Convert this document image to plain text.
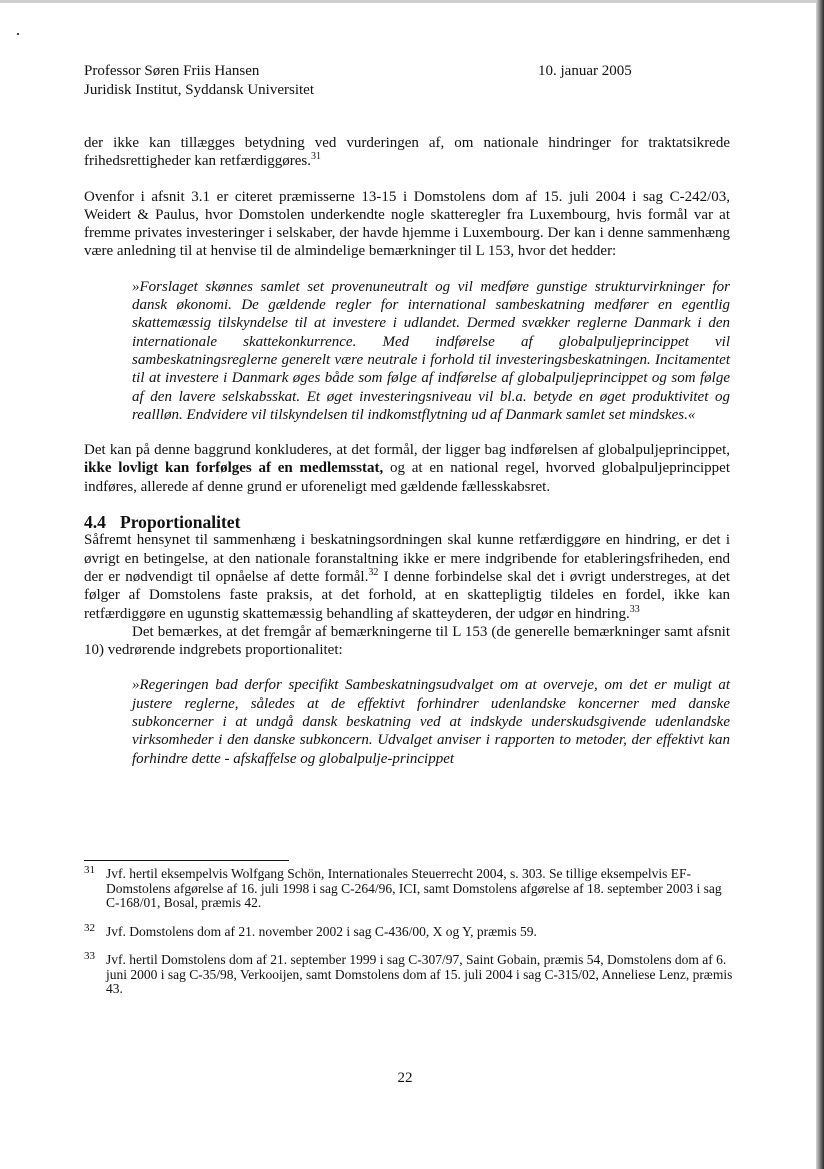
Professor Søren Friis Hansen
Juridisk Institut, Syddansk Universitet
10. januar 2005

der ikke kan tillægges betydning ved vurderingen af, om nationale hindringer for traktatsikrede frihedsrettigheder kan retfærdiggøres.$^{31}$

Ovenfor i afsnit 3.1 er citeret præmisserne 13-15 i Domstolens dom af 15. juli 2004 i sag C-242/03, Weidert & Paulus, hvor Domstolen underkendte nogle skatteregler fra Luxembourg, hvis formål var at fremme privates investeringer i selskaber, der havde hjemme i Luxembourg. Der kan i denne sammenhæng være anledning til at henvise til de almindelige bemærkninger til L 153, hvor det hedder:

»Forslaget skønnes samlet set provenuneutralt og vil medføre gunstige strukturvirkninger for dansk økonomi. De gældende regler for international sambeskatning medfører en egentlig skattemæssig tilskyndelse til at investere i udlandet. Dermed svækker reglerne Danmark i den internationale skattekonkurrence. Med indførelse af globalpuljeprincippet vil sambeskatningsreglerne generelt være neutrale i forhold til investeringsbeskatningen. Incitamentet til at investere i Danmark øges både som følge af indførelse af globalpuljeprincippet og som følge af den lavere selskabsskat. Et øget investeringsniveau vil bl.a. betyde en øget produktivitet og reallløn. Endvidere vil tilskyndelsen til indkomstflytning ud af Danmark samlet set mindskes.«

Det kan på denne baggrund konkluderes, at det formål, der ligger bag indførelsen af globalpuljeprincippet, ikke lovligt kan forfølges af en medlemsstat, og at en national regel, hvorved globalpuljeprincippet indføres, allerede af denne grund er uforeneligt med gældende fællesskabsret.

4.4 Proportionalitet

Såfremt hensynet til sammenhæng i beskatningsordningen skal kunne retfærdiggøre en hindring, er det i øvrigt en betingelse, at den nationale foranstaltning ikke er mere indgribende for etableringsfriheden, end der er nødvendigt til opnåelse af dette formål.$^{32}$ I denne forbindelse skal det i øvrigt understreges, at det følger af Domstolens faste praksis, at det forhold, at en skattepligtig tildeles en fordel, ikke kan retfærdiggøre en ugunstig skattemæssig behandling af skatteyderen, der udgør en hindring.$^{33}$

Det bemærkes, at det fremgår af bemærkningerne til L 153 (de generelle bemærkninger samt afsnit 10) vedrørende indgrebets proportionalitet:

»Regeringen bad derfor specifikt Sambeskatningsudvalget om at overveje, om det er muligt at justere reglerne, således at de effektivt forhindrer udenlandske koncerner med danske subkoncerner i at undgå dansk beskatning ved at indskyde underskudsgivende udenlandske virksomheder i den danske subkoncern. Udvalget anviser i rapporten to metoder, der effektivt kan forhindre dette - afskaffelse og globalpulje-princippet

31 Jvf. hertil eksempelvis Wolfgang Schön, Internationales Steuerrecht 2004, s. 303. Se tillige eksempelvis EF-Domstolens afgørelse af 16. juli 1998 i sag C-264/96, ICI, samt Domstolens afgørelse af 18. september 2003 i sag C-168/01, Bosal, præmis 42.
32 Jvf. Domstolens dom af 21. november 2002 i sag C-436/00, X og Y, præmis 59.
33 Jvf. hertil Domstolens dom af 21. september 1999 i sag C-307/97, Saint Gobain, præmis 54, Domstolens dom af 6. juni 2000 i sag C-35/98, Verkooijen, samt Domstolens dom af 15. juli 2004 i sag C-315/02, Anneliese Lenz, præmis 43.
22
